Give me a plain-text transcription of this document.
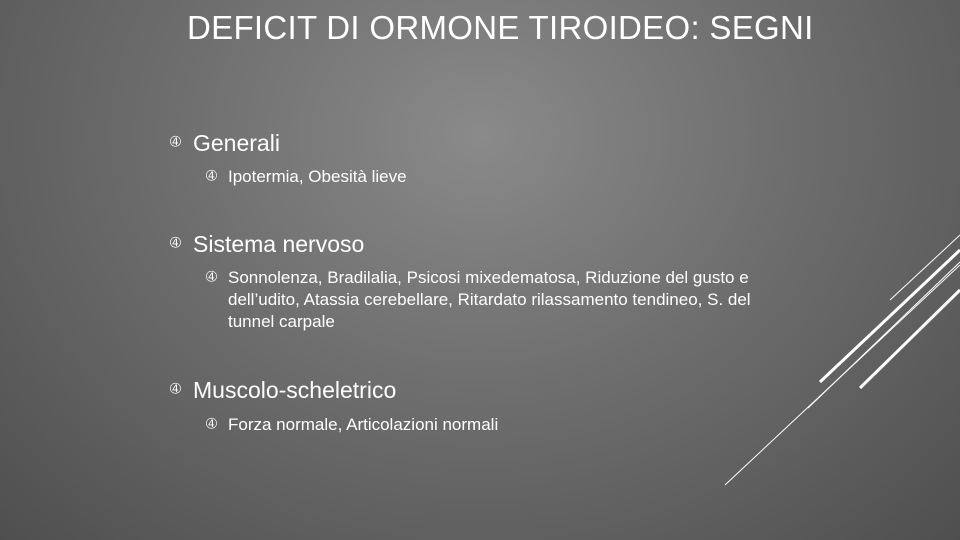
DEFICIT DI ORMONE TIROIDEO: SEGNI
➃ Generali
➃ Ipotermia, Obesità lieve
➃ Sistema nervoso
➃ Sonnolenza, Bradilalia, Psicosi mixedematosa, Riduzione del gusto e dell’udito, Atassia cerebellare, Ritardato rilassamento tendineo, S. del tunnel carpale
➃ Muscolo-scheletrico
➃ Forza normale, Articolazioni normali
